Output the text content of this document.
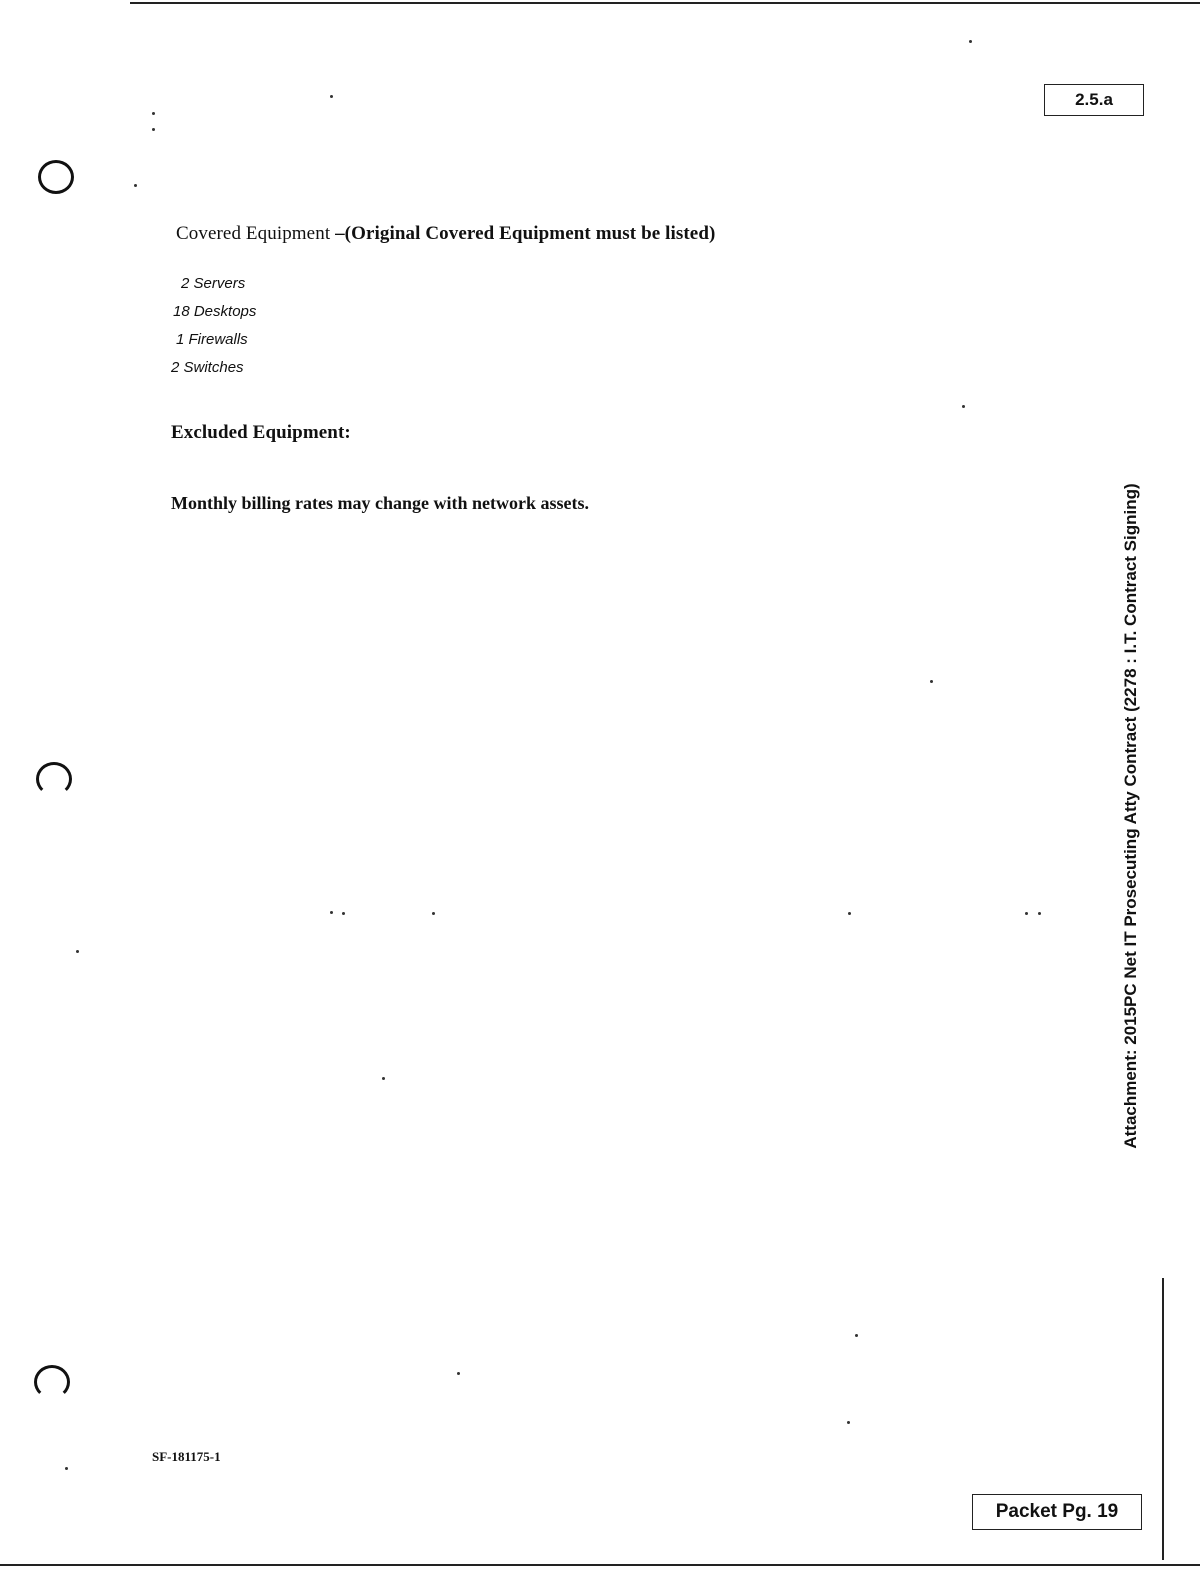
2.5.a
Covered Equipment –(Original Covered Equipment must be listed)
2 Servers
18 Desktops
1 Firewalls
2 Switches
Excluded Equipment:

Monthly billing rates may change with network assets.

SF-181175-1

Packet Pg. 19
Attachment: 2015PC Net IT Prosecuting Atty Contract (2278 : I.T. Contract Signing)
